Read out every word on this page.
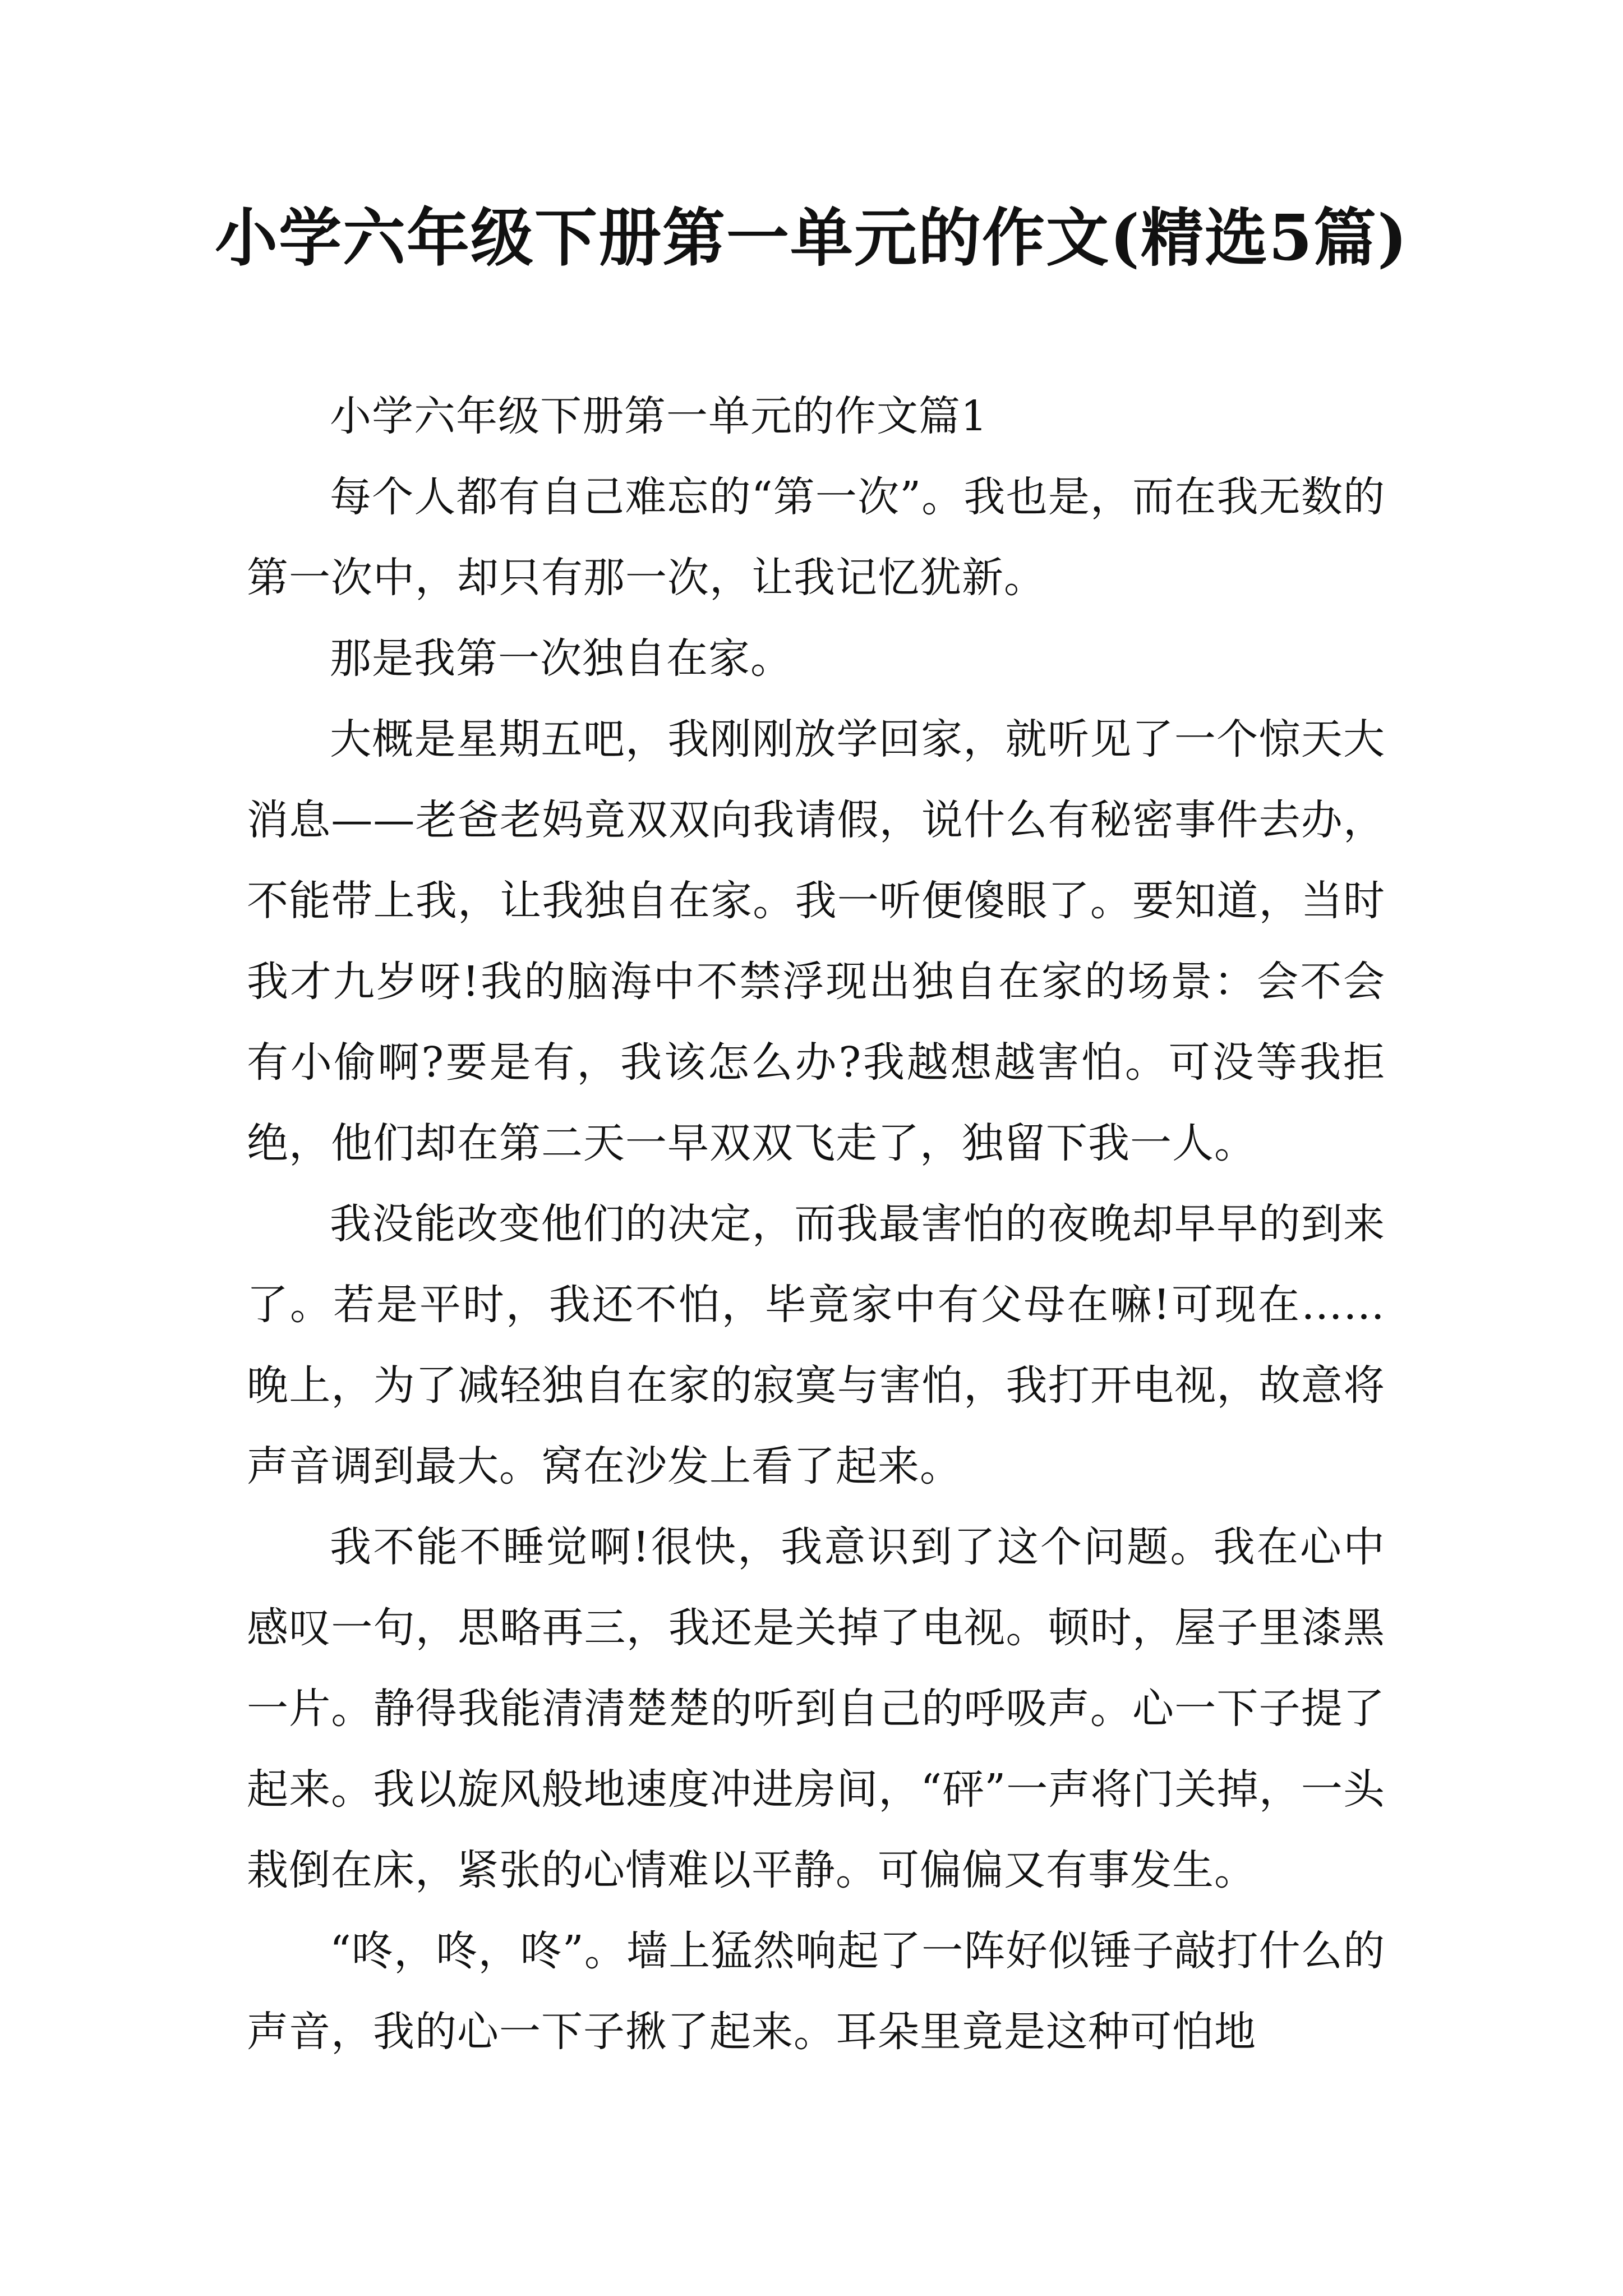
小学六年级下册第一单元的作文(精选5篇)

小学六年级下册第一单元的作文篇1

每个人都有自己难忘的“第一次”。我也是，而在我无数的第一次中，却只有那一次，让我记忆犹新。

那是我第一次独自在家。

大概是星期五吧，我刚刚放学回家，就听见了一个惊天大消息——老爸老妈竟双双向我请假，说什么有秘密事件去办，不能带上我，让我独自在家。我一听便傻眼了。要知道，当时我才九岁呀!我的脑海中不禁浮现出独自在家的场景：会不会有小偷啊?要是有，我该怎么办?我越想越害怕。可没等我拒绝，他们却在第二天一早双双飞走了，独留下我一人。

我没能改变他们的决定，而我最害怕的夜晚却早早的到来了。若是平时，我还不怕，毕竟家中有父母在嘛!可现在……晚上，为了减轻独自在家的寂寞与害怕，我打开电视，故意将声音调到最大。窝在沙发上看了起来。

我不能不睡觉啊!很快，我意识到了这个问题。我在心中感叹一句，思略再三，我还是关掉了电视。顿时，屋子里漆黑一片。静得我能清清楚楚的听到自己的呼吸声。心一下子提了起来。我以旋风般地速度冲进房间，“砰”一声将门关掉，一头栽倒在床，紧张的心情难以平静。可偏偏又有事发生。

“咚，咚，咚”。墙上猛然响起了一阵好似锤子敲打什么的声音，我的心一下子揪了起来。耳朵里竟是这种可怕地
